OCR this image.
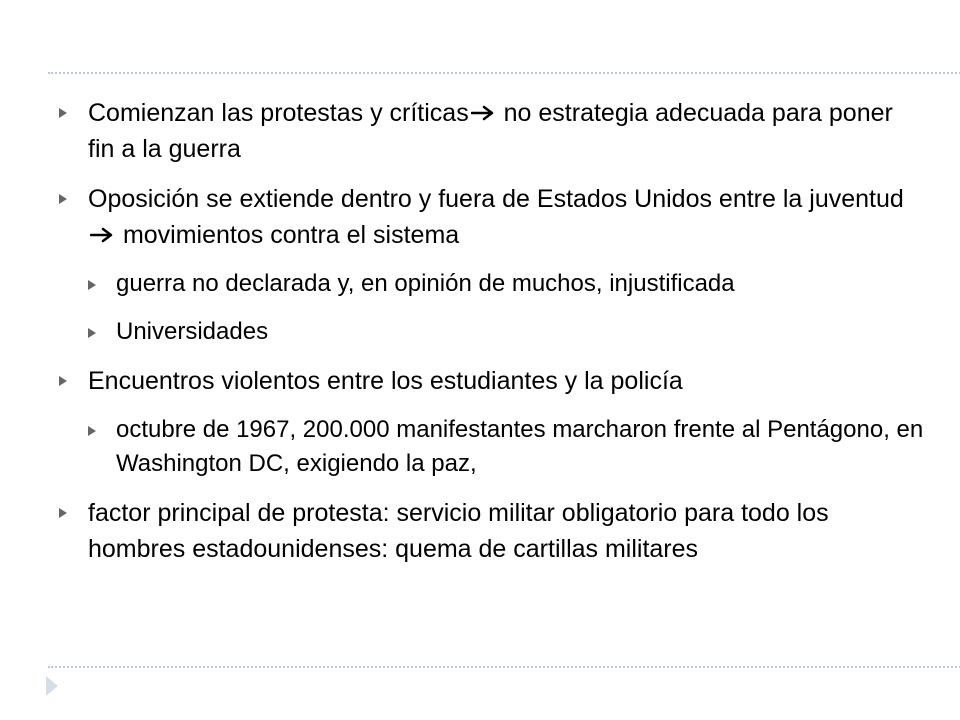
Comienzan las protestas y críticas no estrategia adecuada para poner fin a la guerra
Oposición se extiende dentro y fuera de Estados Unidos entre la juventud movimientos contra el sistema
guerra no declarada y, en opinión de muchos, injustificada
Universidades
Encuentros violentos entre los estudiantes y la policía
octubre de 1967, 200.000 manifestantes marcharon frente al Pentágono, en Washington DC, exigiendo la paz,
factor principal de protesta: servicio militar obligatorio para todo los hombres estadounidenses: quema de cartillas militares
